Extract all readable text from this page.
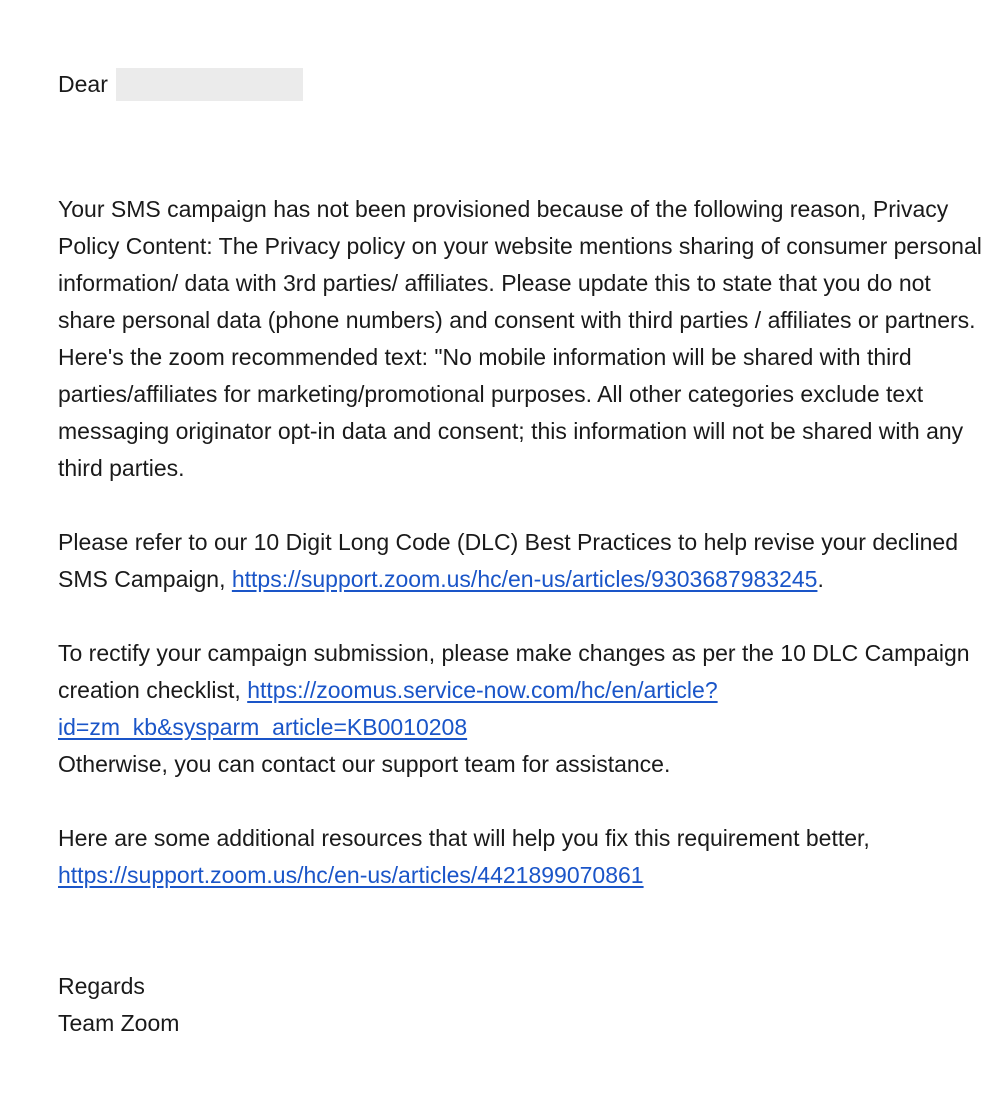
Dear

Your SMS campaign has not been provisioned because of the following reason, Privacy Policy Content: The Privacy policy on your website mentions sharing of consumer personal information/ data with 3rd parties/ affiliates. Please update this to state that you do not share personal data (phone numbers) and consent with third parties / affiliates or partners. Here's the zoom recommended text: "No mobile information will be shared with third parties/affiliates for marketing/promotional purposes. All other categories exclude text messaging originator opt-in data and consent; this information will not be shared with any third parties.

Please refer to our 10 Digit Long Code (DLC) Best Practices to help revise your declined SMS Campaign, https://support.zoom.us/hc/en-us/articles/9303687983245.

To rectify your campaign submission, please make changes as per the 10 DLC Campaign creation checklist, https://zoomus.service-now.com/hc/en/article?id=zm_kb&sysparm_article=KB0010208
Otherwise, you can contact our support team for assistance.

Here are some additional resources that will help you fix this requirement better,
https://support.zoom.us/hc/en-us/articles/4421899070861

Regards
Team Zoom
